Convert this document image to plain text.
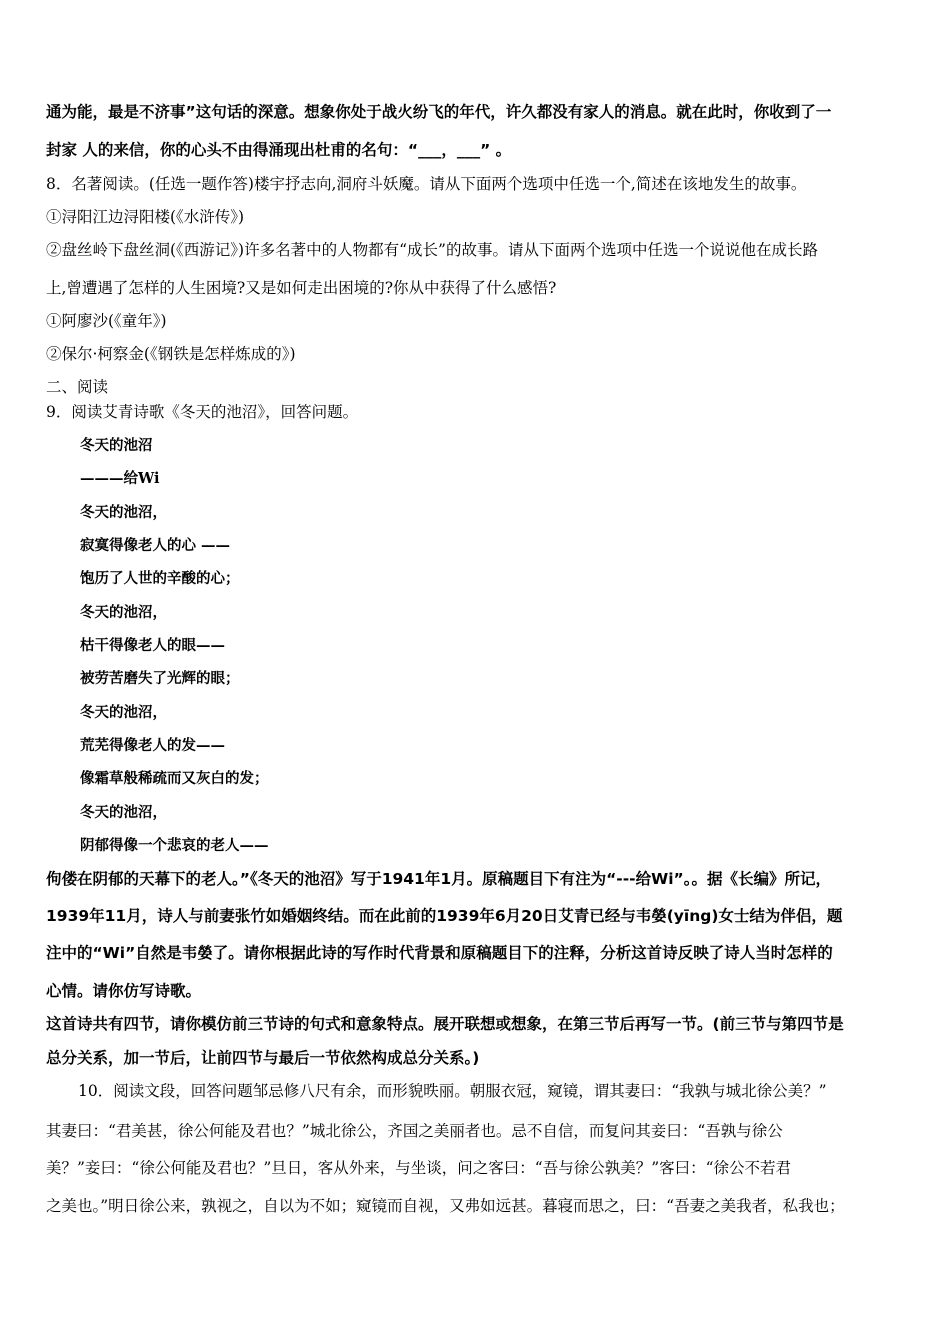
通为能，最是不济事”这句话的深意。想象你处于战火纷飞的年代，许久都没有家人的消息。就在此时，你收到了一
封家 人的来信，你的心头不由得涌现出杜甫的名句：“___，___” 。
8．名著阅读。(任选一题作答)楼宇抒志向,洞府斗妖魔。请从下面两个选项中任选一个,简述在该地发生的故事。
①浔阳江边浔阳楼(《水浒传》)
②盘丝岭下盘丝洞(《西游记》)许多名著中的人物都有“成长”的故事。请从下面两个选项中任选一个说说他在成长路
上,曾遭遇了怎样的人生困境?又是如何走出困境的?你从中获得了什么感悟?
①阿廖沙(《童年》)
②保尔·柯察金(《钢铁是怎样炼成的》)
二、阅读
9．阅读艾青诗歌《冬天的池沼》，回答问题。
冬天的池沼
———给Wi
冬天的池沼，
寂寞得像老人的心 ——
饱历了人世的辛酸的心；
冬天的池沼，
枯干得像老人的眼——
被劳苦磨失了光辉的眼；
冬天的池沼，
荒芜得像老人的发——
像霜草般稀疏而又灰白的发；
冬天的池沼，
阴郁得像一个悲哀的老人——
佝偻在阴郁的天幕下的老人。”《冬天的池沼》写于1941年1月。原稿题目下有注为“---给Wi”。。据《长编》所记，
1939年11月，诗人与前妻张竹如婚姻终结。而在此前的1939年6月20日艾青已经与韦嫈(yīng)女士结为伴侣，题
注中的“Wi”自然是韦嫈了。请你根据此诗的写作时代背景和原稿题目下的注释，分析这首诗反映了诗人当时怎样的
心情。请你仿写诗歌。
这首诗共有四节，请你模仿前三节诗的句式和意象特点。展开联想或想象，在第三节后再写一节。(前三节与第四节是
总分关系，加一节后，让前四节与最后一节依然构成总分关系。)
10．阅读文段，回答问题邹忌修八尺有余，而形貌昳丽。朝服衣冠，窥镜，谓其妻曰：“我孰与城北徐公美？”
其妻曰：“君美甚，徐公何能及君也？”城北徐公，齐国之美丽者也。忌不自信，而复问其妾曰：“吾孰与徐公
美？”妾曰：“徐公何能及君也？”旦日，客从外来，与坐谈，问之客曰：“吾与徐公孰美？”客曰：“徐公不若君
之美也。”明日徐公来，孰视之，自以为不如；窥镜而自视，又弗如远甚。暮寝而思之，曰：“吾妻之美我者，私我也；
